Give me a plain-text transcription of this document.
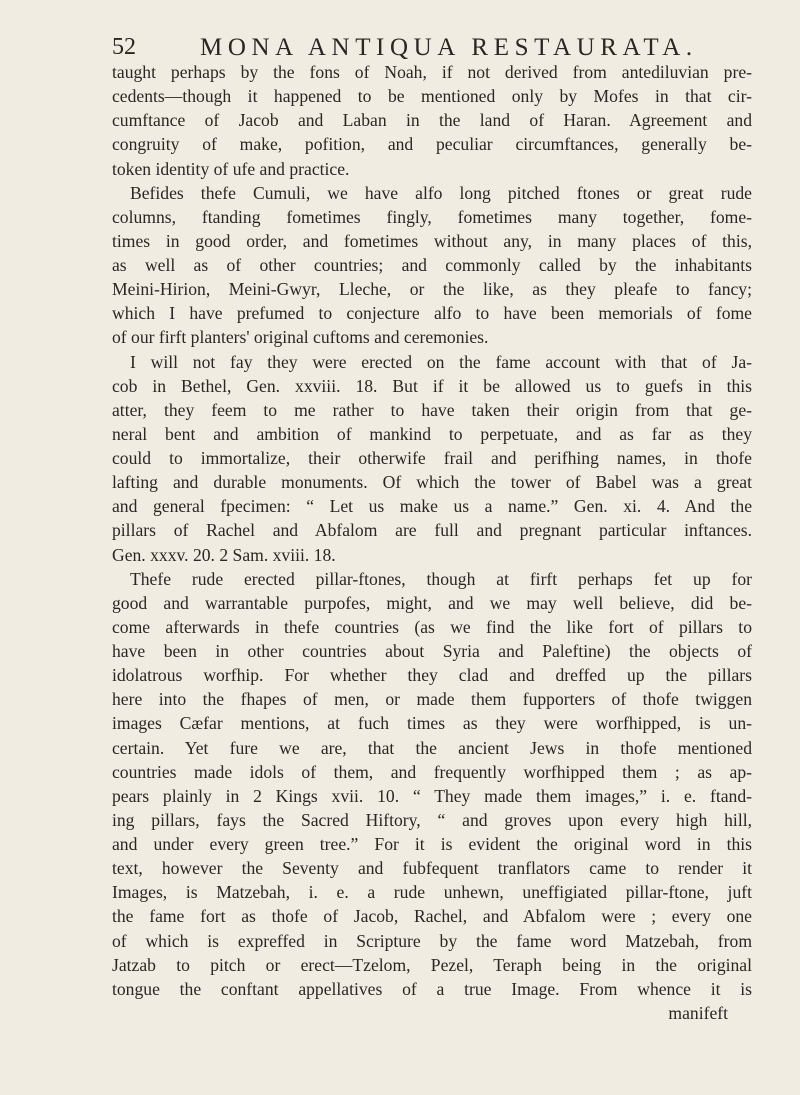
52	MONA ANTIQUA RESTAURATA.
taught perhaps by the fons of Noah, if not derived from antediluvian pre-
cedents—though it happened to be mentioned only by Mofes in that cir-
cumftance of Jacob and Laban in the land of Haran. Agreement and
congruity of make, pofition, and peculiar circumftances, generally be-
token identity of ufe and practice.
Befides thefe Cumuli, we have alfo long pitched ftones or great rude
columns, ftanding fometimes fingly, fometimes many together, fome-
times in good order, and fometimes without any, in many places of this,
as well as of other countries; and commonly called by the inhabitants
Meini-Hirion, Meini-Gwyr, Llechе, or the like, as they pleafe to fancy;
which I have prefumed to conjecture alfo to have been memorials of fome
of our firft planters' original cuftoms and ceremonies.
I will not fay they were erected on the fame account with that of Ja-
cob in Bethel, Gen. xxviii. 18. But if it be allowed us to guefs in this
atter, they feem to me rather to have taken their origin from that ge-
neral bent and ambition of mankind to perpetuate, and as far as they
could to immortalize, their otherwife frail and perifhing names, in thofe
lafting and durable monuments. Of which the tower of Babel was a great
and general fpecimen: “ Let us make us a name.” Gen. xi. 4. And the
pillars of Rachel and Abfalom are full and pregnant particular inftances.
Gen. xxxv. 20. 2 Sam. xviii. 18.
Thefe rude erected pillar-ftones, though at firft perhaps fet up for
good and warrantable purpofes, might, and we may well believe, did be-
come afterwards in thefe countries (as we find the like fort of pillars to
have been in other countries about Syria and Paleftine) the objects of
idolatrous worfhip. For whether they clad and dreffed up the pillars
here into the fhapes of men, or made them fupporters of thofe twiggen
images Cæfar mentions, at fuch times as they were worfhipped, is un-
certain. Yet fure we are, that the ancient Jews in thofe mentioned
countries made idols of them, and frequently worfhipped them ; as ap-
pears plainly in 2 Kings xvii. 10. “ They made them images,” i. e. ftand-
ing pillars, fays the Sacred Hiftory, “ and groves upon every high hill,
and under every green tree.” For it is evident the original word in this
text, however the Seventy and fubfequent tranflators came to render it
Images, is Matzebah, i. e. a rude unhewn, uneffigiated pillar-ftone, juft
the fame fort as thofe of Jacob, Rachel, and Abfalom were ; every one
of which is expreffed in Scripture by the fame word Matzebah, from
Jatzab to pitch or erect—Tzelom, Pezel, Teraph being in the original
tongue the conftant appellatives of a true Image. From whence it is
manifeft
